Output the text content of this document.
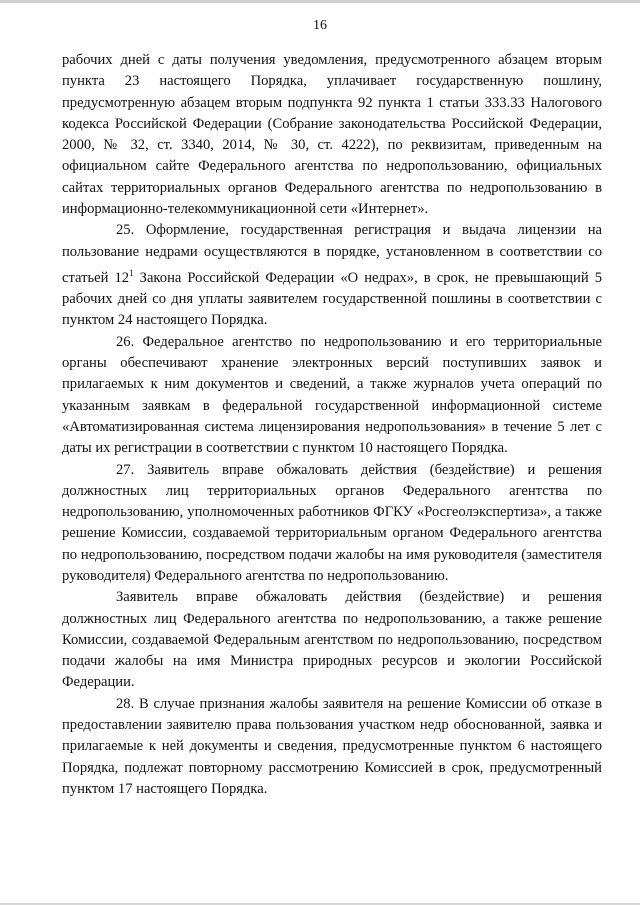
16

рабочих дней с даты получения уведомления, предусмотренного абзацем вторым пункта 23 настоящего Порядка, уплачивает государственную пошлину, предусмотренную абзацем вторым подпункта 92 пункта 1 статьи 333.33 Налогового кодекса Российской Федерации (Собрание законодательства Российской Федерации, 2000, № 32, ст. 3340, 2014, № 30, ст. 4222), по реквизитам, приведенным на официальном сайте Федерального агентства по недропользованию, официальных сайтах территориальных органов Федерального агентства по недропользованию в информационно-телекоммуникационной сети «Интернет».

25. Оформление, государственная регистрация и выдача лицензии на пользование недрами осуществляются в порядке, установленном в соответствии со статьей $12^1$ Закона Российской Федерации «О недрах», в срок, не превышающий 5 рабочих дней со дня уплаты заявителем государственной пошлины в соответствии с пунктом 24 настоящего Порядка.

26. Федеральное агентство по недропользованию и его территориальные органы обеспечивают хранение электронных версий поступивших заявок и прилагаемых к ним документов и сведений, а также журналов учета операций по указанным заявкам в федеральной государственной информационной системе «Автоматизированная система лицензирования недропользования» в течение 5 лет с даты их регистрации в соответствии с пунктом 10 настоящего Порядка.

27. Заявитель вправе обжаловать действия (бездействие) и решения должностных лиц территориальных органов Федерального агентства по недропользованию, уполномоченных работников ФГКУ «Росгеолэкспертиза», а также решение Комиссии, создаваемой территориальным органом Федерального агентства по недропользованию, посредством подачи жалобы на имя руководителя (заместителя руководителя) Федерального агентства по недропользованию.

Заявитель вправе обжаловать действия (бездействие) и решения должностных лиц Федерального агентства по недропользованию, а также решение Комиссии, создаваемой Федеральным агентством по недропользованию, посредством подачи жалобы на имя Министра природных ресурсов и экологии Российской Федерации.

28. В случае признания жалобы заявителя на решение Комиссии об отказе в предоставлении заявителю права пользования участком недр обоснованной, заявка и прилагаемые к ней документы и сведения, предусмотренные пунктом 6 настоящего Порядка, подлежат повторному рассмотрению Комиссией в срок, предусмотренный пунктом 17 настоящего Порядка.
